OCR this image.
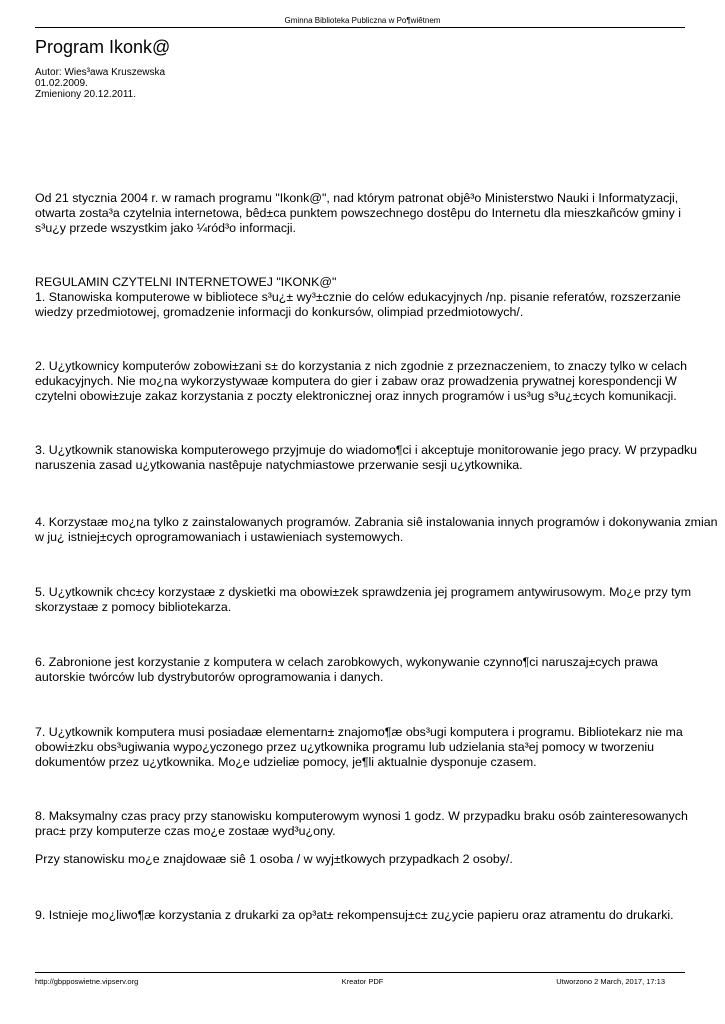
Gminna Biblioteka Publiczna w Po¶wiêtnem
Program Ikonk@
Autor: Wies³awa Kruszewska
01.02.2009.
Zmieniony 20.12.2011.
Od 21 stycznia 2004 r. w ramach programu "Ikonk@", nad którym patronat objê³o Ministerstwo Nauki i Informatyzacji,
otwarta zosta³a czytelnia internetowa, bêd±ca punktem powszechnego dostêpu do Internetu dla mieszkañców gminy i
s³u¿y przede wszystkim jako ¼ród³o informacji.
REGULAMIN CZYTELNI INTERNETOWEJ "IKONK@"
1. Stanowiska komputerowe w bibliotece s³u¿± wy³±cznie do celów edukacyjnych /np. pisanie referatów, rozszerzanie
wiedzy przedmiotowej, gromadzenie informacji do konkursów, olimpiad przedmiotowych/.
2. U¿ytkownicy komputerów zobowi±zani s± do korzystania z nich zgodnie z przeznaczeniem, to znaczy tylko w celach
edukacyjnych. Nie mo¿na wykorzystywaæ komputera do gier i zabaw oraz prowadzenia prywatnej korespondencji W
czytelni obowi±zuje zakaz korzystania z poczty elektronicznej oraz innych programów i us³ug s³u¿±cych komunikacji.
3. U¿ytkownik stanowiska komputerowego przyjmuje do wiadomo¶ci i akceptuje monitorowanie jego pracy. W przypadku
naruszenia zasad u¿ytkowania nastêpuje natychmiastowe przerwanie sesji u¿ytkownika.
4. Korzystaæ mo¿na tylko z zainstalowanych programów. Zabrania siê instalowania innych programów i dokonywania zmian
w ju¿ istniej±cych oprogramowaniach i ustawieniach systemowych.
5. U¿ytkownik chc±cy korzystaæ z dyskietki ma obowi±zek sprawdzenia jej programem antywirusowym. Mo¿e przy tym
skorzystaæ z pomocy bibliotekarza.
6. Zabronione jest korzystanie z komputera w celach zarobkowych, wykonywanie czynno¶ci naruszaj±cych prawa
autorskie twórców lub dystrybutorów oprogramowania i danych.
7. U¿ytkownik komputera musi posiadaæ elementarn± znajomo¶æ obs³ugi komputera i programu. Bibliotekarz nie ma
obowi±zku obs³ugiwania wypo¿yczonego przez u¿ytkownika programu lub udzielania sta³ej pomocy w tworzeniu
dokumentów przez u¿ytkownika. Mo¿e udzieliæ pomocy, je¶li aktualnie dysponuje czasem.
8. Maksymalny czas pracy przy stanowisku komputerowym wynosi 1 godz. W przypadku braku osób zainteresowanych
prac± przy komputerze czas mo¿e zostaæ wyd³u¿ony.
Przy stanowisku mo¿e znajdowaæ siê 1 osoba / w wyj±tkowych przypadkach 2 osoby/.
9. Istnieje mo¿liwo¶æ korzystania z drukarki za op³at± rekompensuj±c± zu¿ycie papieru oraz atramentu do drukarki.
http://gbpposwietne.vipserv.org	Kreator PDF	Utworzono 2 March, 2017, 17:13
